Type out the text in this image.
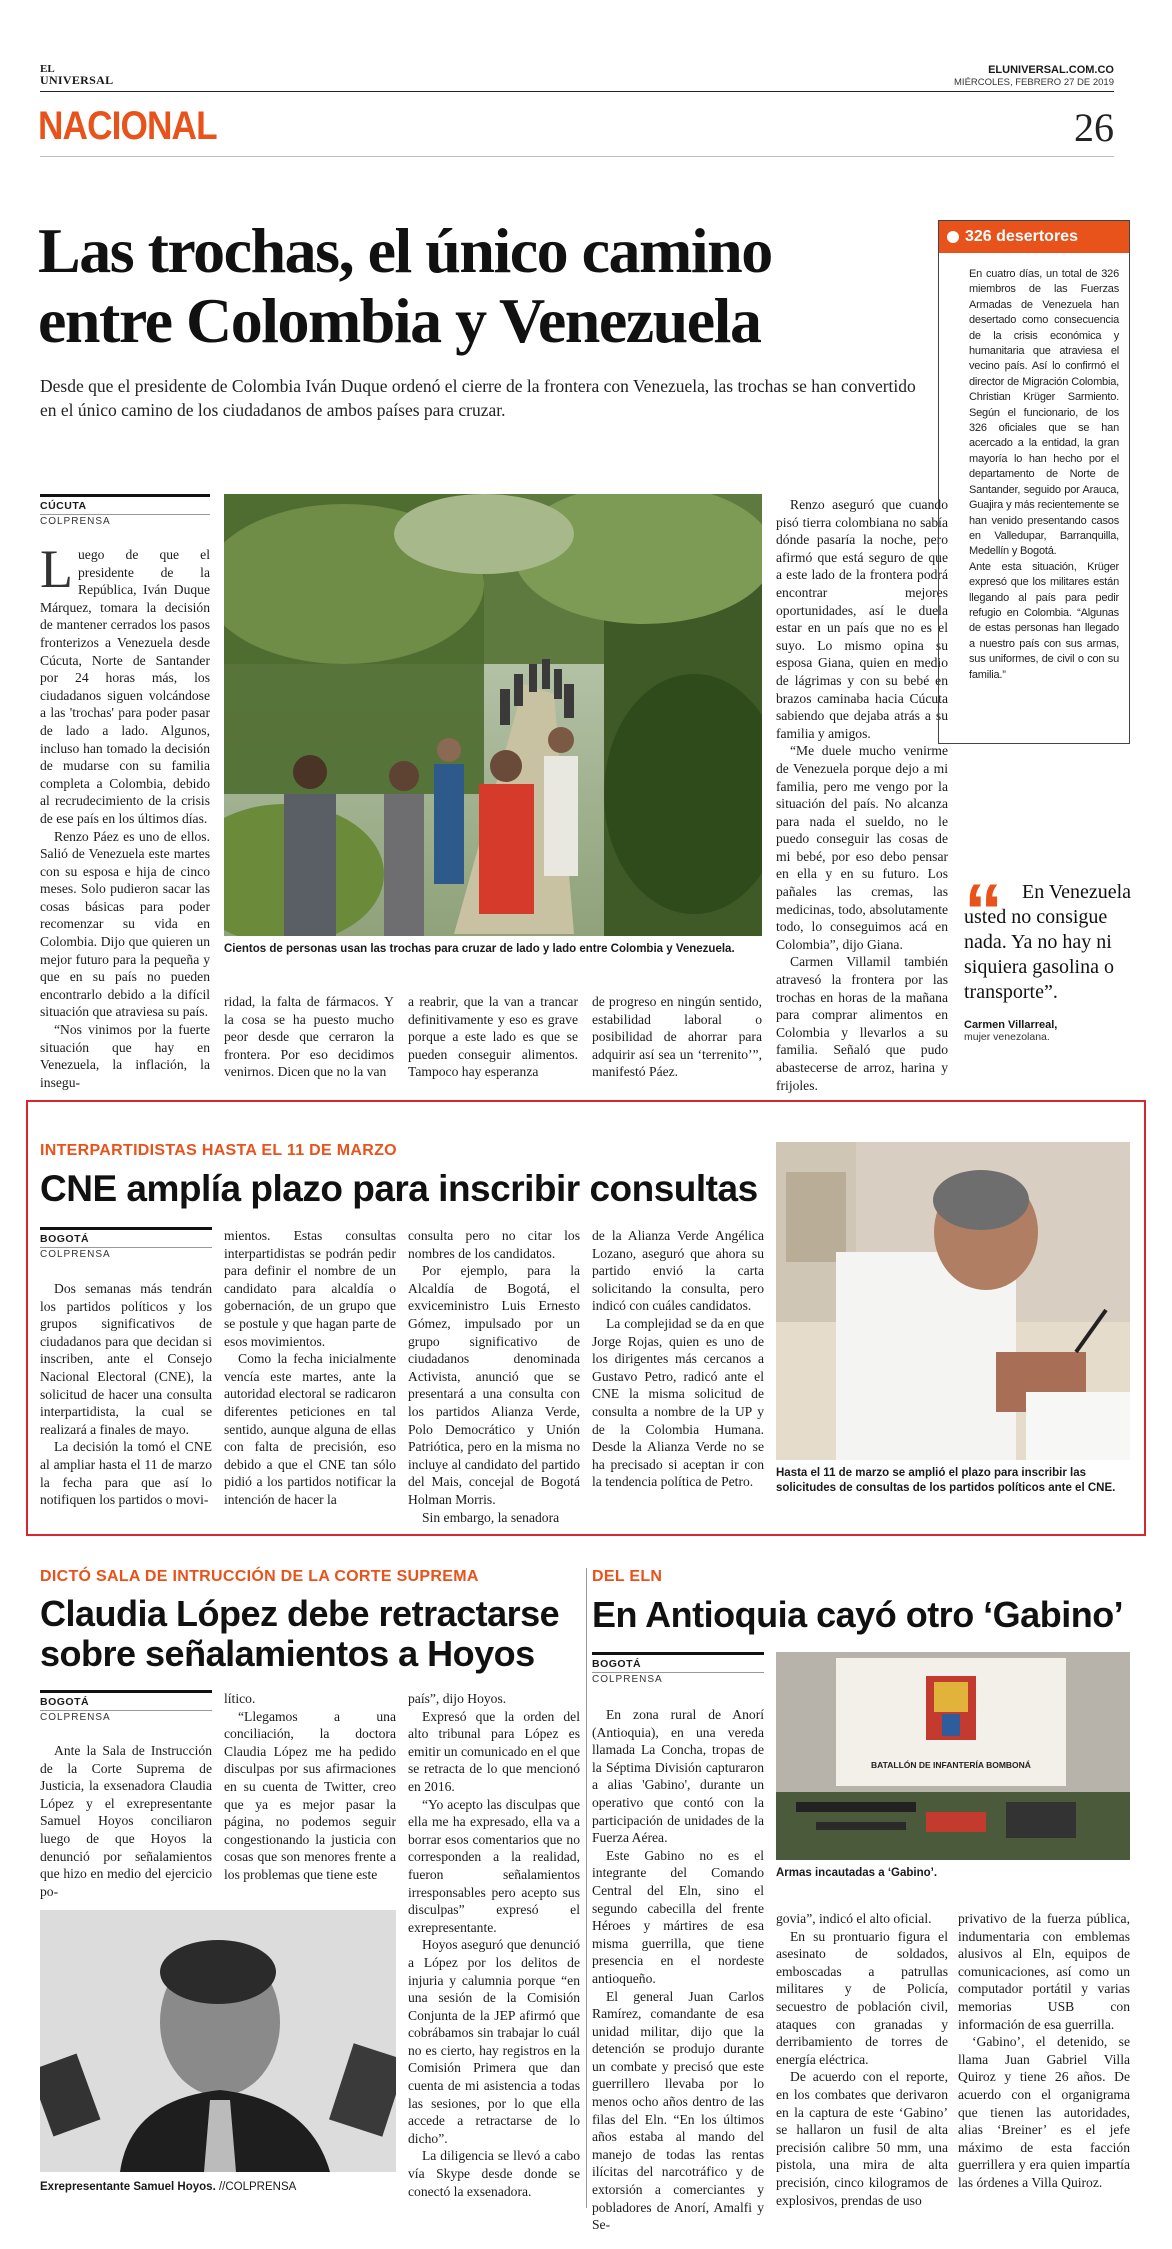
EL
UNIVERSAL
ELUNIVERSAL.COM.CO
MIÉRCOLES, FEBRERO 27 DE 2019
NACIONAL	26
Las trochas, el único camino
entre Colombia y Venezuela
Desde que el presidente de Colombia Iván Duque ordenó el cierre de la frontera con Venezuela, las trochas se han convertido en el único camino de los ciudadanos de ambos países para cruzar.
CÚCUTA
COLPRENSA

Luego de que el presidente de la República, Iván Duque Márquez, tomara la decisión de mantener cerrados los pasos fronterizos a Venezuela desde Cúcuta, Norte de Santander por 24 horas más, los ciudadanos siguen volcándose a las 'trochas' para poder pasar de lado a lado. Algunos, incluso han tomado la decisión de mudarse con su familia completa a Colombia, debido al recrudecimiento de la crisis de ese país en los últimos días.

Renzo Páez es uno de ellos. Salió de Venezuela este martes con su esposa e hija de cinco meses. Solo pudieron sacar las cosas básicas para poder recomenzar su vida en Colombia. Dijo que quieren un mejor futuro para la pequeña y que en su país no pueden encontrarlo debido a la difícil situación que atraviesa su país.

“Nos vinimos por la fuerte situación que hay en Venezuela, la inflación, la insegu-

Cientos de personas usan las trochas para cruzar de lado y lado entre Colombia y Venezuela.
ridad, la falta de fármacos. Y la cosa se ha puesto mucho peor desde que cerraron la frontera. Por eso decidimos venirnos. Dicen que no la van
a reabrir, que la van a trancar definitivamente y eso es grave porque a este lado es que se pueden conseguir alimentos. Tampoco hay esperanza
de progreso en ningún sentido, estabilidad laboral o posibilidad de ahorrar para adquirir así sea un ‘terrenito’”, manifestó Páez.

Renzo aseguró que cuando pisó tierra colombiana no sabía dónde pasaría la noche, pero afirmó que está seguro de que a este lado de la frontera podrá encontrar mejores oportunidades, así le duela estar en un país que no es el suyo. Lo mismo opina su esposa Giana, quien en medio de lágrimas y con su bebé en brazos caminaba hacia Cúcuta sabiendo que dejaba atrás a su familia y amigos.

“Me duele mucho venirme de Venezuela porque dejo a mi familia, pero me vengo por la situación del país. No alcanza para nada el sueldo, no le puedo conseguir las cosas de mi bebé, por eso debo pensar en ella y en su futuro. Los pañales las cremas, las medicinas, todo, absolutamente todo, lo conseguimos acá en Colombia”, dijo Giana.

Carmen Villamil también atravesó la frontera por las trochas en horas de la mañana para comprar alimentos en Colombia y llevarlos a su familia. Señaló que pudo abastecerse de arroz, harina y frijoles.

326 desertores

En cuatro días, un total de 326 miembros de las Fuerzas Armadas de Venezuela han desertado como consecuencia de la crisis económica y humanitaria que atraviesa el vecino país. Así lo confirmó el director de Migración Colombia, Christian Krüger Sarmiento. Según el funcionario, de los 326 oficiales que se han acercado a la entidad, la gran mayoría lo han hecho por el departamento de Norte de Santander, seguido por Arauca, Guajira y más recientemente se han venido presentando casos en Valledupar, Barranquilla, Medellín y Bogotá.

Ante esta situación, Krüger expresó que los militares están llegando al país para pedir refugio en Colombia. “Algunas de estas personas han llegado a nuestro país con sus armas, sus uniformes, de civil o con su familia.”

“ En Venezuela
usted no consigue nada. Ya no hay ni siquiera gasolina o transporte”.
Carmen Villarreal,
mujer venezolana.
INTERPARTIDISTAS HASTA EL 11 DE MARZO
CNE amplía plazo para inscribir consultas
BOGOTÁ
COLPRENSA

Dos semanas más tendrán los partidos políticos y los grupos significativos de ciudadanos para que decidan si inscriben, ante el Consejo Nacional Electoral (CNE), la solicitud de hacer una consulta interpartidista, la cual se realizará a finales de mayo.

La decisión la tomó el CNE al ampliar hasta el 11 de marzo la fecha para que así lo notifiquen los partidos o movi-

mientos. Estas consultas interpartidistas se podrán pedir para definir el nombre de un candidato para alcaldía o gobernación, de un grupo que se postule y que hagan parte de esos movimientos.

Como la fecha inicialmente vencía este martes, ante la autoridad electoral se radicaron diferentes peticiones en tal sentido, aunque alguna de ellas con falta de precisión, eso debido a que el CNE tan sólo pidió a los partidos notificar la intención de hacer la

consulta pero no citar los nombres de los candidatos.

Por ejemplo, para la Alcaldía de Bogotá, el exviceministro Luis Ernesto Gómez, impulsado por un grupo significativo de ciudadanos denominada Activista, anunció que se presentará a una consulta con los partidos Alianza Verde, Polo Democrático y Unión Patriótica, pero en la misma no incluye al candidato del partido del Mais, concejal de Bogotá Holman Morris.

Sin embargo, la senadora

de la Alianza Verde Angélica Lozano, aseguró que ahora su partido envió la carta solicitando la consulta, pero indicó con cuáles candidatos.

La complejidad se da en que Jorge Rojas, quien es uno de los dirigentes más cercanos a Gustavo Petro, radicó ante el CNE la misma solicitud de consulta a nombre de la UP y de la Colombia Humana. Desde la Alianza Verde no se ha precisado si aceptan ir con la tendencia política de Petro.

Hasta el 11 de marzo se amplió el plazo para inscribir las solicitudes de consultas de los partidos políticos ante el CNE.
DICTÓ SALA DE INTRUCCIÓN DE LA CORTE SUPREMA
Claudia López debe retractarse
sobre señalamientos a Hoyos
BOGOTÁ
COLPRENSA

Ante la Sala de Instrucción de la Corte Suprema de Justicia, la exsenadora Claudia López y el exrepresentante Samuel Hoyos conciliaron luego de que Hoyos la denunció por señalamientos que hizo en medio del ejercicio po-

lítico.

“Llegamos a una conciliación, la doctora Claudia López me ha pedido disculpas por sus afirmaciones en su cuenta de Twitter, creo que ya es mejor pasar la página, no podemos seguir congestionando la justicia con cosas que son menores frente a los problemas que tiene este

país”, dijo Hoyos.

Expresó que la orden del alto tribunal para López es emitir un comunicado en el que se retracta de lo que mencionó en 2016.

“Yo acepto las disculpas que ella me ha expresado, ella va a borrar esos comentarios que no corresponden a la realidad, fueron señalamientos irresponsables pero acepto sus disculpas” expresó el exrepresentante.

Hoyos aseguró que denunció a López por los delitos de injuria y calumnia porque “en una sesión de la Comisión Conjunta de la JEP afirmó que cobrábamos sin trabajar lo cuál no es cierto, hay registros en la Comisión Primera que dan cuenta de mi asistencia a todas las sesiones, por lo que ella accede a retractarse de lo dicho”.

La diligencia se llevó a cabo vía Skype desde donde se conectó la exsenadora.

Exrepresentante Samuel Hoyos. //COLPRENSA
DEL ELN
En Antioquia cayó otro ‘Gabino’
BOGOTÁ
COLPRENSA

En zona rural de Anorí (Antioquia), en una vereda llamada La Concha, tropas de la Séptima División capturaron a alias 'Gabino', durante un operativo que contó con la participación de unidades de la Fuerza Aérea.

Este Gabino no es el integrante del Comando Central del Eln, sino el segundo cabecilla del frente Héroes y mártires de esa misma guerrilla, que tiene presencia en el nordeste antioqueño.

El general Juan Carlos Ramírez, comandante de esa unidad militar, dijo que la detención se produjo durante un combate y precisó que este guerrillero llevaba por lo menos ocho años dentro de las filas del Eln. “En los últimos años estaba al mando del manejo de todas las rentas ilícitas del narcotráfico y de extorsión a comerciantes y pobladores de Anorí, Amalfi y Se-

BATALLÓN DE INFANTERÍA BOMBONÁ
Armas incautadas a ‘Gabino’.

govia”, indicó el alto oficial.

En su prontuario figura el asesinato de soldados, emboscadas a patrullas militares y de Policía, secuestro de población civil, ataques con granadas y derribamiento de torres de energía eléctrica.

De acuerdo con el reporte, en los combates que derivaron en la captura de este ‘Gabino’ se hallaron un fusil de alta precisión calibre 50 mm, una pistola, una mira de alta precisión, cinco kilogramos de explosivos, prendas de uso

privativo de la fuerza pública, indumentaria con emblemas alusivos al Eln, equipos de comunicaciones, así como un computador portátil y varias memorias USB con información de esa guerrilla.

‘Gabino’, el detenido, se llama Juan Gabriel Villa Quiroz y tiene 26 años. De acuerdo con el organigrama que tienen las autoridades, alias ‘Breiner’ es el jefe máximo de esta facción guerrillera y era quien impartía las órdenes a Villa Quiroz.
